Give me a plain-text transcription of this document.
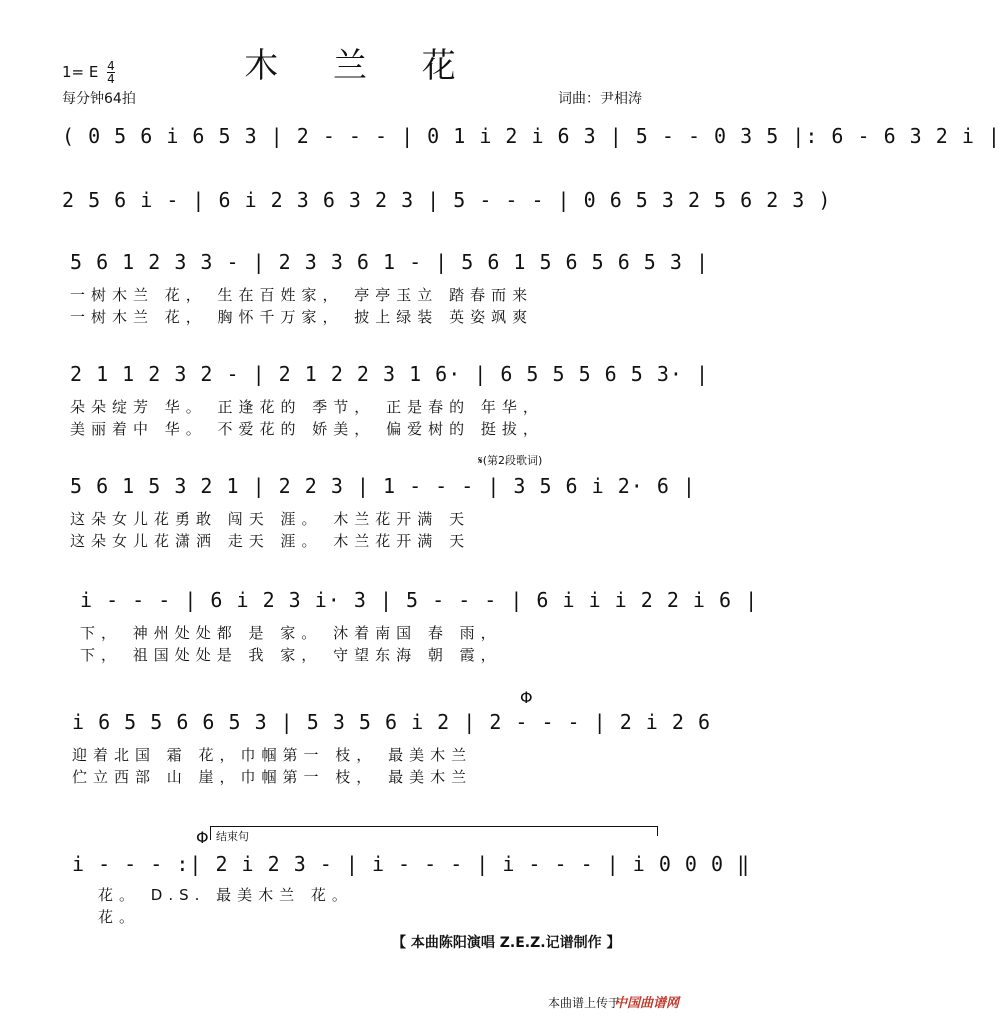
木 兰 花
1= E $\frac{4}{4}$
每分钟64拍	词曲：尹相涛
( 0 5 6 i 6 5 3 | 2 - - - | 0 1 i 2 i 6 3 | 5 - - 0 3 5 |: 6 - 6 3 2 i |
2 5 6 i - | 6 i 2 3 6 3 2 3 | 5 - - - | 0 6 5 3 2 5 6 2 3 )
5 6 1 2 3 3 - | 2 3 3 6 1 - | 5 6 1 5 6 5 6 5 3 |
一树木兰 花， 生在百姓家， 亭亭玉立 踏春而来
一树木兰 花， 胸怀千万家， 披上绿装 英姿飒爽
2 1 1 2 3 2 - | 2 1 2 2 3 1 6· | 6 5 5 5 6 5 3· |
朵朵绽芳 华。 正逢花的 季节， 正是春的 年华，
美丽着中 华。 不爱花的 娇美， 偏爱树的 挺拔，
𝄋(第2段歌词)
5 6 1 5 3 2 1 | 2 2 3 | 1 - - - | 3 5 6 i 2· 6 |
这朵女儿花勇敢 闯天 涯。 木兰花开满 天
这朵女儿花潇洒 走天 涯。 木兰花开满 天
i - - - | 6 i 2 3 i· 3 | 5 - - - | 6 i i i 2 2 i 6 |
下， 神州处处都 是 家。 沐着南国 春 雨，
下， 祖国处处是 我 家， 守望东海 朝 霞，
Φ
i 6 5 5 6 6 5 3 | 5 3 5 6 i 2 | 2 - - - | 2 i 2 6
迎着北国 霜 花，巾帼第一 枝， 最美木兰
伫立西部 山 崖，巾帼第一 枝， 最美木兰
结束句
Φ
i - - - :| 2 i 2 3 - | i - - - | i - - - | i 0 0 0 ‖
花。 D.S. 最美木兰 花。
花。
【 本曲陈阳演唱 Z.E.Z.记谱制作 】
本曲谱上传于
中国曲谱网
